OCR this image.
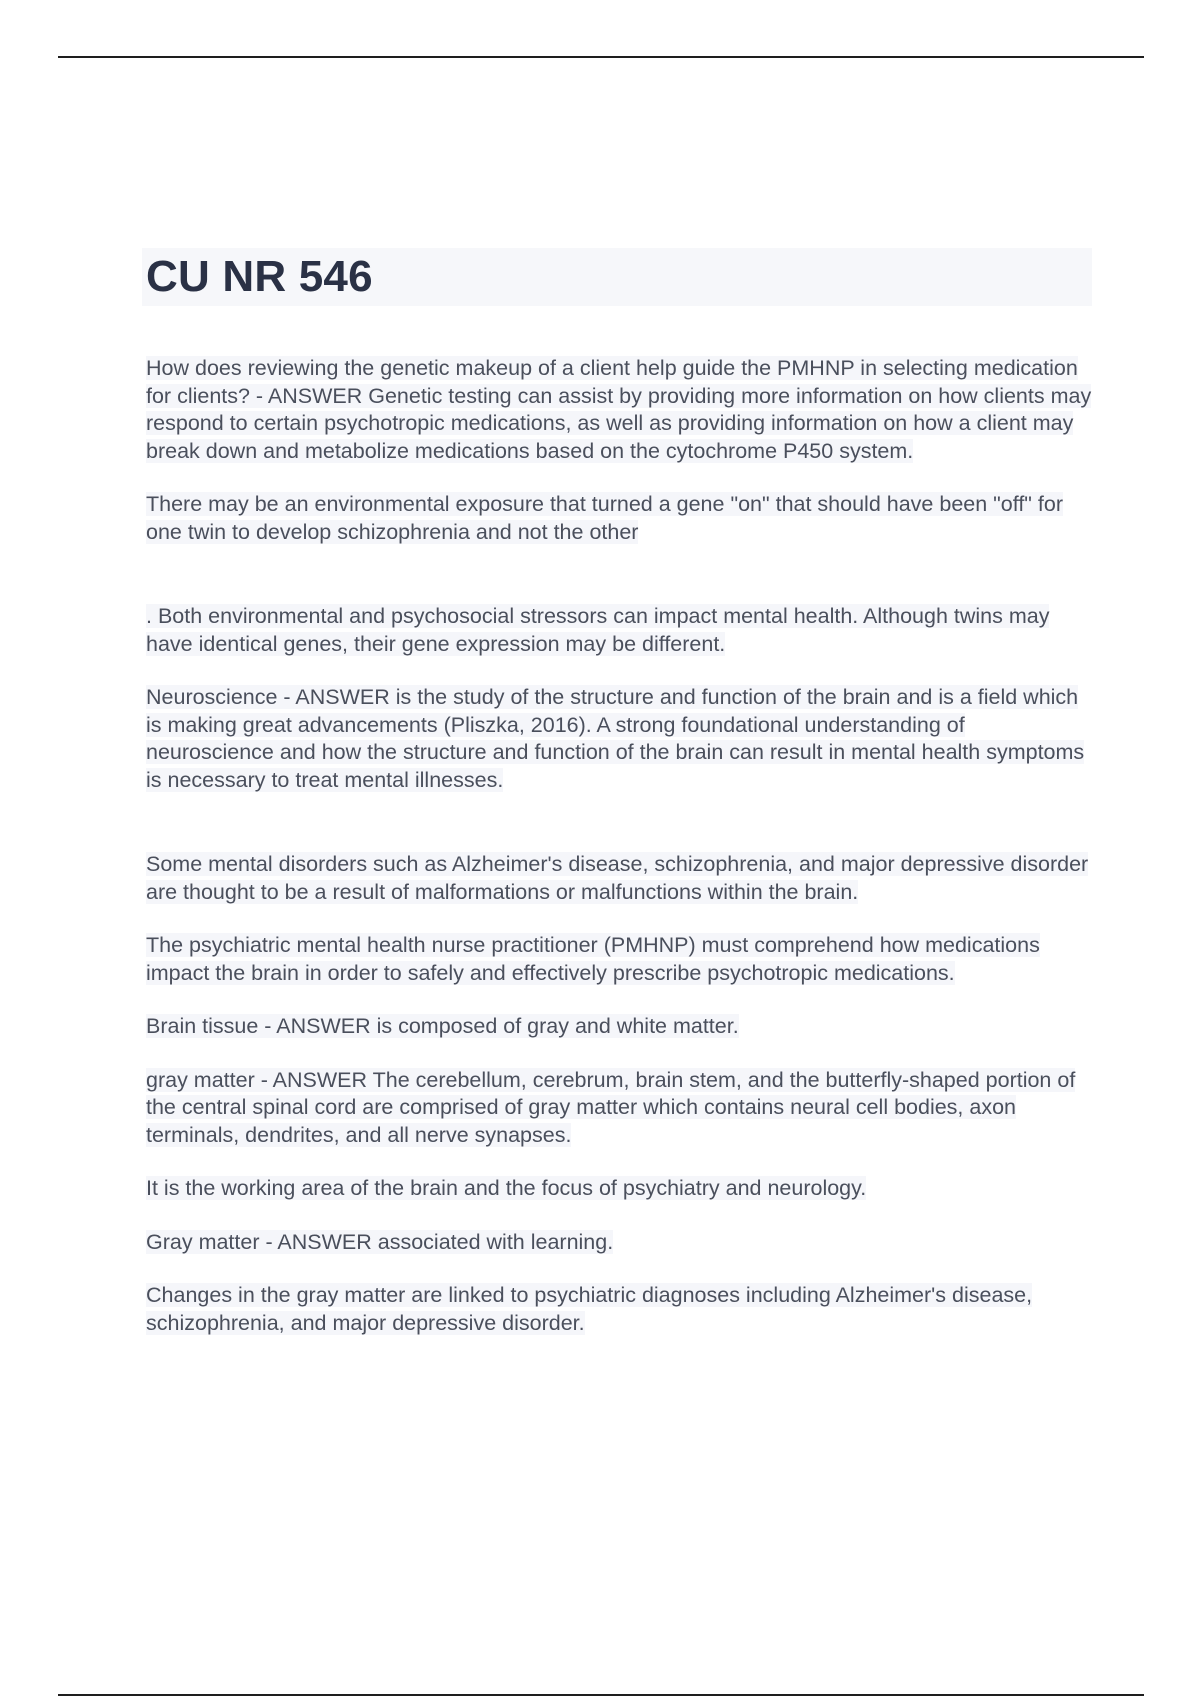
CU NR 546

How does reviewing the genetic makeup of a client help guide the PMHNP in selecting medication for clients? - ANSWER Genetic testing can assist by providing more information on how clients may respond to certain psychotropic medications, as well as providing information on how a client may break down and metabolize medications based on the cytochrome P450 system.

There may be an environmental exposure that turned a gene "on" that should have been "off" for one twin to develop schizophrenia and not the other

. Both environmental and psychosocial stressors can impact mental health. Although twins may have identical genes, their gene expression may be different.

Neuroscience - ANSWER is the study of the structure and function of the brain and is a field which is making great advancements (Pliszka, 2016). A strong foundational understanding of neuroscience and how the structure and function of the brain can result in mental health symptoms is necessary to treat mental illnesses.

Some mental disorders such as Alzheimer's disease, schizophrenia, and major depressive disorder are thought to be a result of malformations or malfunctions within the brain.

The psychiatric mental health nurse practitioner (PMHNP) must comprehend how medications impact the brain in order to safely and effectively prescribe psychotropic medications.

Brain tissue - ANSWER is composed of gray and white matter.

gray matter - ANSWER The cerebellum, cerebrum, brain stem, and the butterfly-shaped portion of the central spinal cord are comprised of gray matter which contains neural cell bodies, axon terminals, dendrites, and all nerve synapses.

It is the working area of the brain and the focus of psychiatry and neurology.

Gray matter - ANSWER associated with learning.

Changes in the gray matter are linked to psychiatric diagnoses including Alzheimer's disease, schizophrenia, and major depressive disorder.
